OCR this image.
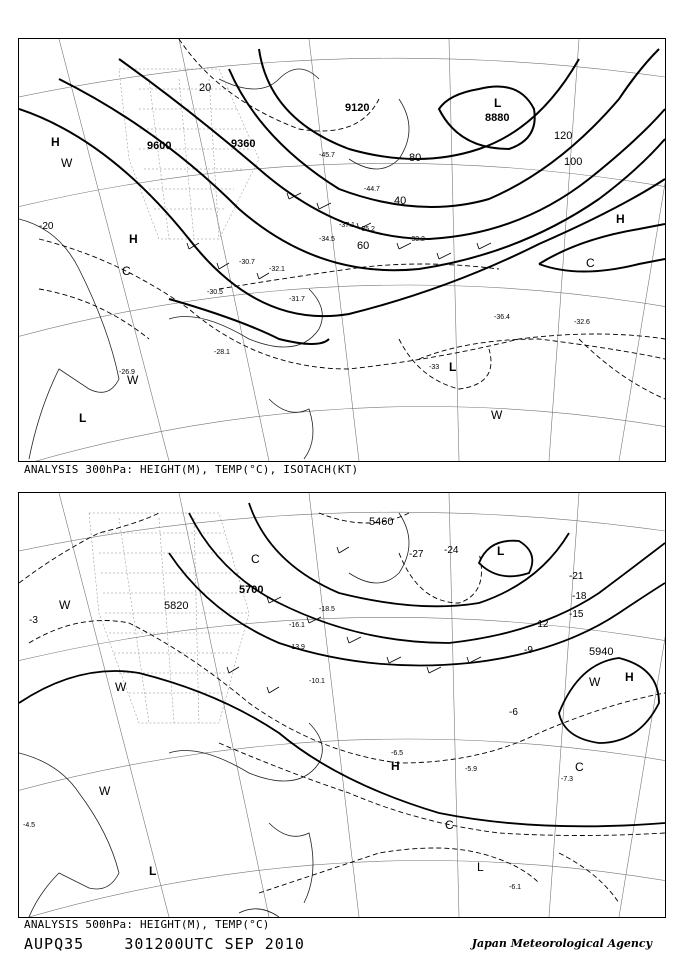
9600	9360
9120
8880
20
40
60
80	100
120
-45.7
-44.7
-37.1
-35.2
-34.5	-33.2
-32.1
-31.7
-30.5
-30.7
-28.1
-36.4
-32.6
-26.9
-20
-33
H
H
H
L
L
L
W
W
W
C
C
ANALYSIS 300hPa: HEIGHT(M), TEMP(°C), ISOTACH(KT)
5820
5700
5460
5940
-27 -24
-21
-18
-15
-12
-9
-6
-3
-18.5
-16.1
-13.9
-10.1
-6.5
-5.9
-7.3
-6.1
-4.5
H
H
L
L	L
W
W
W
W
C
C
C
ANALYSIS 500hPa: HEIGHT(M), TEMP(°C)
AUPQ35	301200UTC SEP 2010	Japan Meteorological Agency
